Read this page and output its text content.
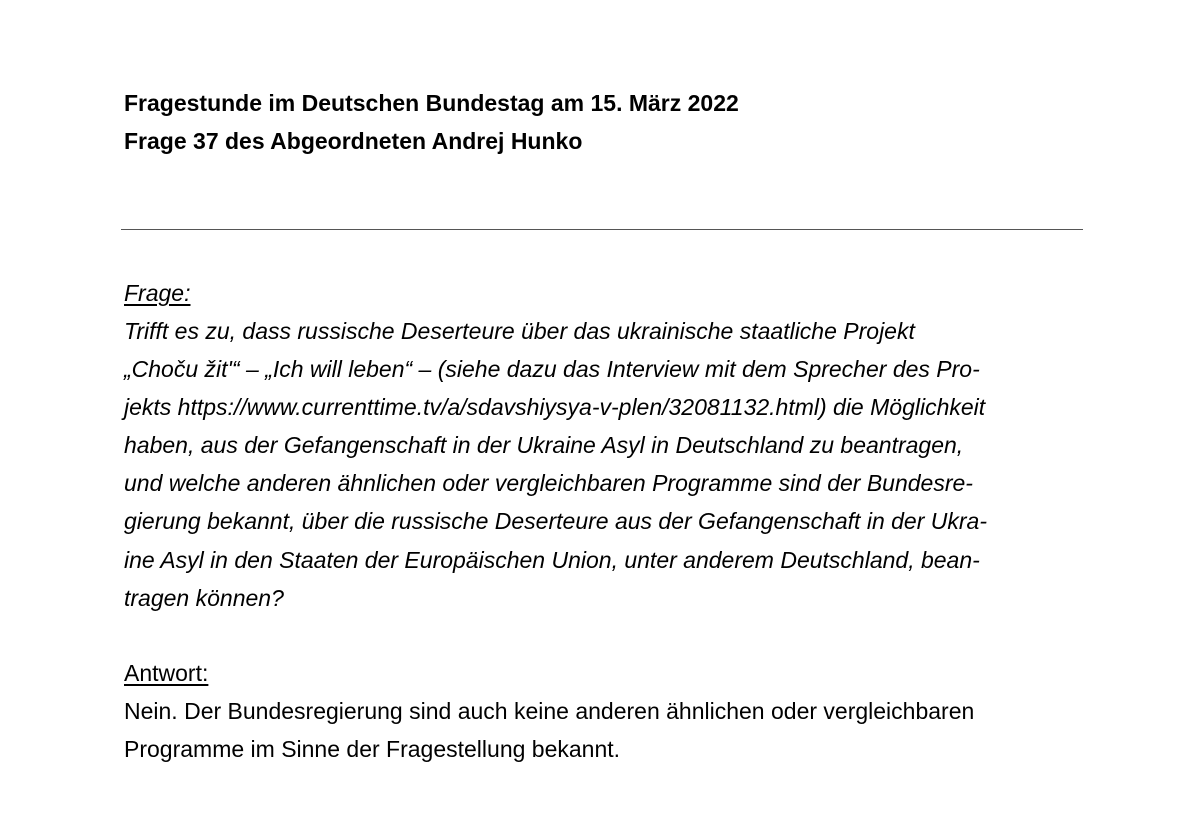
Fragestunde im Deutschen Bundestag am 15. März 2022
Frage 37 des Abgeordneten Andrej Hunko
Frage:
Trifft es zu, dass russische Deserteure über das ukrainische staatliche Projekt
„Choču žit'“ – „Ich will leben“ – (siehe dazu das Interview mit dem Sprecher des Pro-
jekts https://www.currenttime.tv/a/sdavshiysya-v-plen/32081132.html) die Möglichkeit
haben, aus der Gefangenschaft in der Ukraine Asyl in Deutschland zu beantragen,
und welche anderen ähnlichen oder vergleichbaren Programme sind der Bundesre-
gierung bekannt, über die russische Deserteure aus der Gefangenschaft in der Ukra-
ine Asyl in den Staaten der Europäischen Union, unter anderem Deutschland, bean-
tragen können?
Antwort:
Nein. Der Bundesregierung sind auch keine anderen ähnlichen oder vergleichbaren
Programme im Sinne der Fragestellung bekannt.
